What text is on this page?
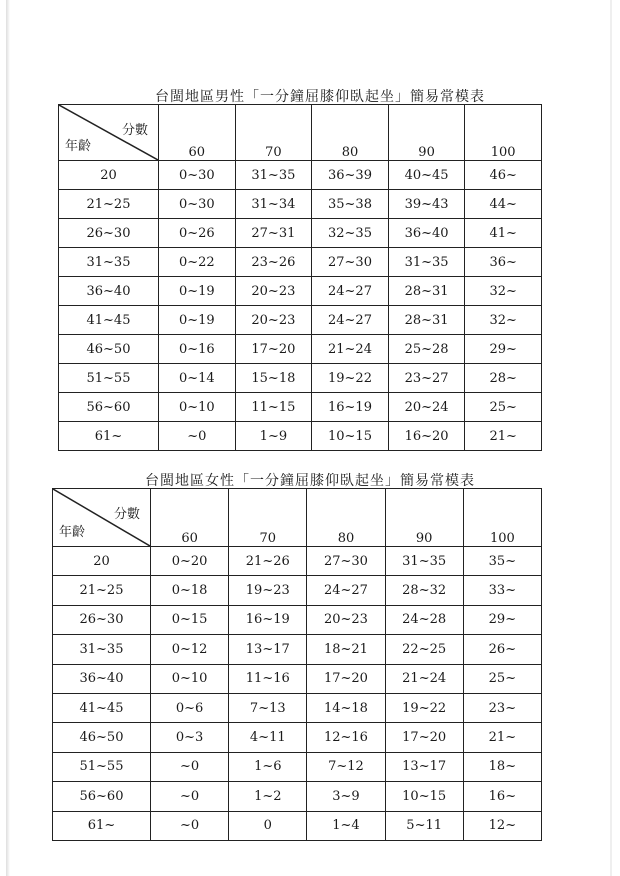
台閩地區男性「一分鐘屈膝仰臥起坐」簡易常模表
分數
年齡	60	70	80	90	100
20	0~30	31~35	36~39	40~45	46~
21~25	0~30	31~34	35~38	39~43	44~
26~30	0~26	27~31	32~35	36~40	41~
31~35	0~22	23~26	27~30	31~35	36~
36~40	0~19	20~23	24~27	28~31	32~
41~45	0~19	20~23	24~27	28~31	32~
46~50	0~16	17~20	21~24	25~28	29~
51~55	0~14	15~18	19~22	23~27	28~
56~60	0~10	11~15	16~19	20~24	25~
61~	~0	1~9	10~15	16~20	21~
台閩地區女性「一分鐘屈膝仰臥起坐」簡易常模表
分數
年齡	60	70	80	90	100
20	0~20	21~26	27~30	31~35	35~
21~25	0~18	19~23	24~27	28~32	33~
26~30	0~15	16~19	20~23	24~28	29~
31~35	0~12	13~17	18~21	22~25	26~
36~40	0~10	11~16	17~20	21~24	25~
41~45	0~6	7~13	14~18	19~22	23~
46~50	0~3	4~11	12~16	17~20	21~
51~55	~0	1~6	7~12	13~17	18~
56~60	~0	1~2	3~9	10~15	16~
61~	~0	0	1~4	5~11	12~
